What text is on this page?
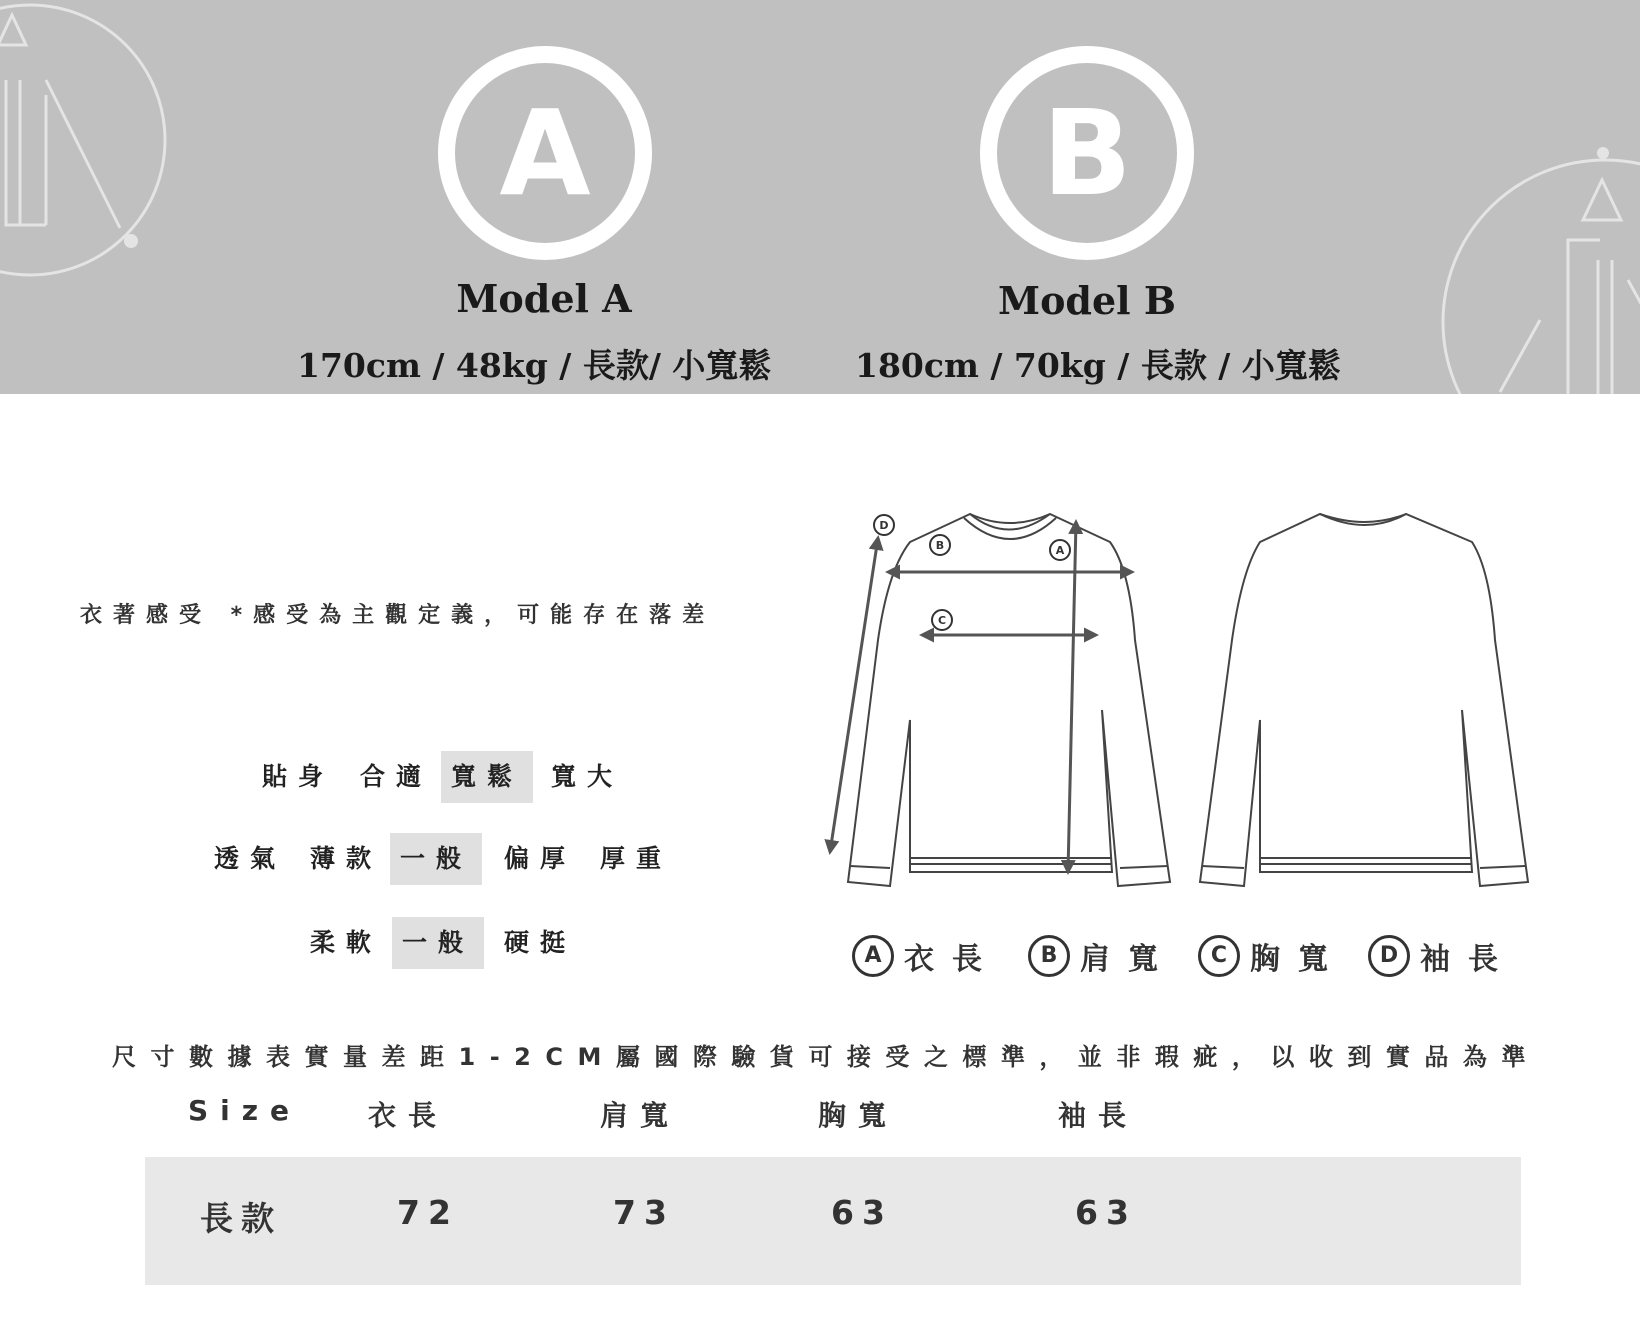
A
Model A
170cm / 48kg / 長款/ 小寬鬆
B
Model B
180cm / 70kg / 長款 / 小寬鬆
衣著感受 *感受為主觀定義，可能存在落差
貼身 合適 寬鬆	寬大
透氣 薄款 一般	偏厚 厚重
柔軟 一般	硬挺
D
B	A
C
A 衣長	B 肩寬	C 胸寬	D 袖長
尺寸數據表實量差距1-2CM屬國際驗貨可接受之標準，並非瑕疵，以收到實品為準
Size 衣長	肩寬	胸寬	袖長
長款	72	73	63	63
